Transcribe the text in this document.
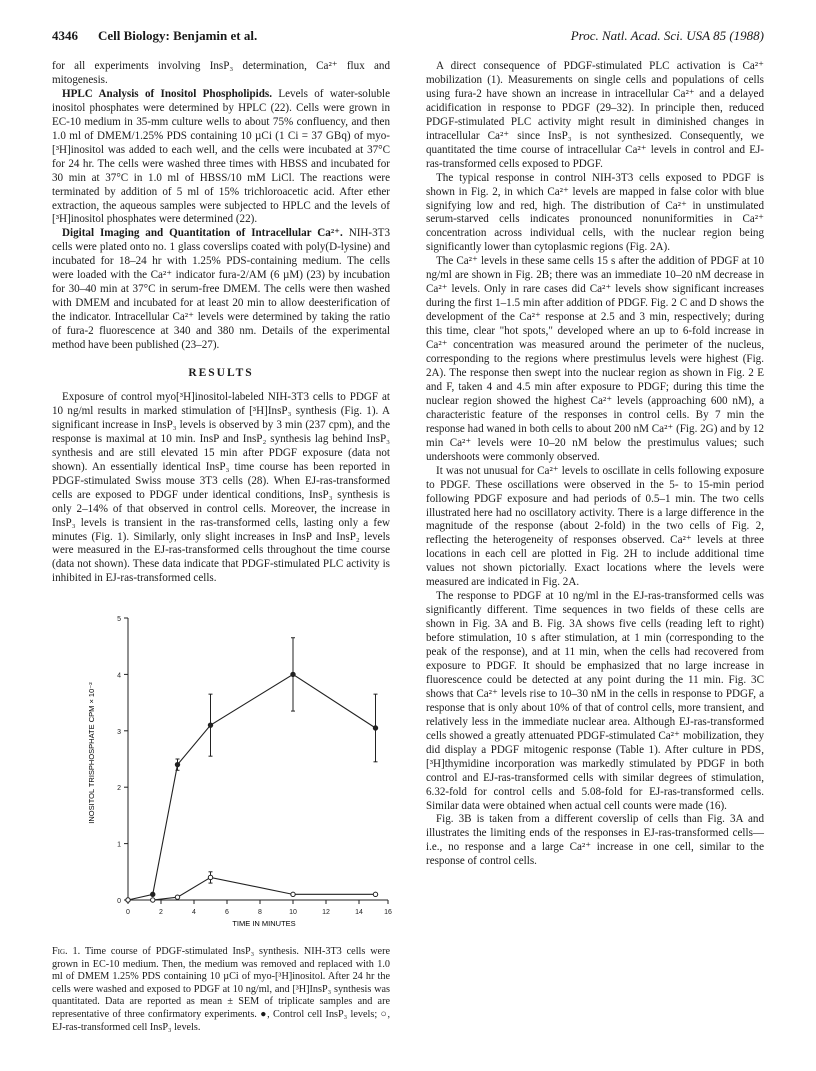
4346 Cell Biology: Benjamin et al.	Proc. Natl. Acad. Sci. USA 85 (1988)

for all experiments involving InsP₃ determination, Ca²⁺ flux and mitogenesis.

HPLC Analysis of Inositol Phospholipids. Levels of water-soluble inositol phosphates were determined by HPLC (22). Cells were grown in EC-10 medium in 35-mm culture wells to about 75% confluency, and then 1.0 ml of DMEM/1.25% PDS containing 10 µCi (1 Ci = 37 GBq) of myo-[³H]inositol was added to each well, and the cells were incubated at 37°C for 24 hr. The cells were washed three times with HBSS and incubated for 30 min at 37°C in 1.0 ml of HBSS/10 mM LiCl. The reactions were terminated by addition of 5 ml of 15% trichloroacetic acid. After ether extraction, the aqueous samples were subjected to HPLC and the levels of [³H]inositol phosphates were determined (22).

Digital Imaging and Quantitation of Intracellular Ca²⁺. NIH-3T3 cells were plated onto no. 1 glass coverslips coated with poly(D-lysine) and incubated for 18–24 hr with 1.25% PDS-containing medium. The cells were loaded with the Ca²⁺ indicator fura-2/AM (6 µM) (23) by incubation for 30–40 min at 37°C in serum-free DMEM. The cells were then washed with DMEM and incubated for at least 20 min to allow deesterification of the indicator. Intracellular Ca²⁺ levels were determined by taking the ratio of fura-2 fluorescence at 340 and 380 nm. Details of the experimental method have been published (23–27).

RESULTS

Exposure of control myo[³H]inositol-labeled NIH-3T3 cells to PDGF at 10 ng/ml results in marked stimulation of [³H]InsP₃ synthesis (Fig. 1). A significant increase in InsP₃ levels is observed by 3 min (237 cpm), and the response is maximal at 10 min. InsP and InsP₂ synthesis lag behind InsP₃ synthesis and are still elevated 15 min after PDGF exposure (data not shown). An essentially identical InsP₃ time course has been reported in PDGF-stimulated Swiss mouse 3T3 cells (28). When EJ-ras-transformed cells are exposed to PDGF under identical conditions, InsP₃ synthesis is only 2–14% of that observed in control cells. Moreover, the increase in InsP₃ levels is transient in the ras-transformed cells, lasting only a few minutes (Fig. 1). Similarly, only slight increases in InsP and InsP₂ levels were measured in the EJ-ras-transformed cells throughout the time course (data not shown). These data indicate that PDGF-stimulated PLC activity is inhibited in EJ-ras-transformed cells.

0	2	4	6	8	10	12	14	16
0
1
2
3
4
5
INOSITOL TRISPHOSPHATE CPM × 10⁻²
TIME IN MINUTES
Fig. 1. Time course of PDGF-stimulated InsP₃ synthesis. NIH-3T3 cells were grown in EC-10 medium. Then, the medium was removed and replaced with 1.0 ml of DMEM 1.25% PDS containing 10 µCi of myo-[³H]inositol. After 24 hr the cells were washed and exposed to PDGF at 10 ng/ml, and [³H]InsP₃ synthesis was quantitated. Data are reported as mean ± SEM of triplicate samples and are representative of three confirmatory experiments. ●, Control cell InsP₃ levels; ○, EJ-ras-transformed cell InsP₃ levels.

A direct consequence of PDGF-stimulated PLC activation is Ca²⁺ mobilization (1). Measurements on single cells and populations of cells using fura-2 have shown an increase in intracellular Ca²⁺ and a delayed acidification in response to PDGF (29–32). In principle then, reduced PDGF-stimulated PLC activity might result in diminished changes in intracellular Ca²⁺ since InsP₃ is not synthesized. Consequently, we quantitated the time course of intracellular Ca²⁺ levels in control and EJ-ras-transformed cells exposed to PDGF.

The typical response in control NIH-3T3 cells exposed to PDGF is shown in Fig. 2, in which Ca²⁺ levels are mapped in false color with blue signifying low and red, high. The distribution of Ca²⁺ in unstimulated serum-starved cells indicates pronounced nonuniformities in Ca²⁺ concentration across individual cells, with the nuclear region being significantly lower than cytoplasmic regions (Fig. 2A).

The Ca²⁺ levels in these same cells 15 s after the addition of PDGF at 10 ng/ml are shown in Fig. 2B; there was an immediate 10–20 nM decrease in Ca²⁺ levels. Only in rare cases did Ca²⁺ levels show significant increases during the first 1–1.5 min after addition of PDGF. Fig. 2 C and D shows the development of the Ca²⁺ response at 2.5 and 3 min, respectively; during this time, clear "hot spots," developed where an up to 6-fold increase in Ca²⁺ concentration was measured around the perimeter of the nucleus, corresponding to the regions where prestimulus levels were highest (Fig. 2A). The response then swept into the nuclear region as shown in Fig. 2 E and F, taken 4 and 4.5 min after exposure to PDGF; during this time the nuclear region showed the highest Ca²⁺ levels (approaching 600 nM), a characteristic feature of the responses in control cells. By 7 min the response had waned in both cells to about 200 nM Ca²⁺ (Fig. 2G) and by 12 min Ca²⁺ levels were 10–20 nM below the prestimulus values; such undershoots were commonly observed.

It was not unusual for Ca²⁺ levels to oscillate in cells following exposure to PDGF. These oscillations were observed in the 5- to 15-min period following PDGF exposure and had periods of 0.5–1 min. The two cells illustrated here had no oscillatory activity. There is a large difference in the magnitude of the response (about 2-fold) in the two cells of Fig. 2, reflecting the heterogeneity of responses observed. Ca²⁺ levels at three locations in each cell are plotted in Fig. 2H to include additional time values not shown pictorially. Exact locations where the levels were measured are indicated in Fig. 2A.

The response to PDGF at 10 ng/ml in the EJ-ras-transformed cells was significantly different. Time sequences in two fields of these cells are shown in Fig. 3A and B. Fig. 3A shows five cells (reading left to right) before stimulation, 10 s after stimulation, at 1 min (corresponding to the peak of the response), and at 11 min, when the cells had recovered from exposure to PDGF. It should be emphasized that no large increase in fluorescence could be detected at any point during the 11 min. Fig. 3C shows that Ca²⁺ levels rise to 10–30 nM in the cells in response to PDGF, a response that is only about 10% of that of control cells, more transient, and relatively less in the immediate nuclear area. Although EJ-ras-transformed cells showed a greatly attenuated PDGF-stimulated Ca²⁺ mobilization, they did display a PDGF mitogenic response (Table 1). After culture in PDS, [³H]thymidine incorporation was markedly stimulated by PDGF in both control and EJ-ras-transformed cells with similar degrees of stimulation, 6.32-fold for control cells and 5.08-fold for EJ-ras-transformed cells. Similar data were obtained when actual cell counts were made (16).

Fig. 3B is taken from a different coverslip of cells than Fig. 3A and illustrates the limiting ends of the responses in EJ-ras-transformed cells—i.e., no response and a large Ca²⁺ increase in one cell, similar to the response of control cells.
